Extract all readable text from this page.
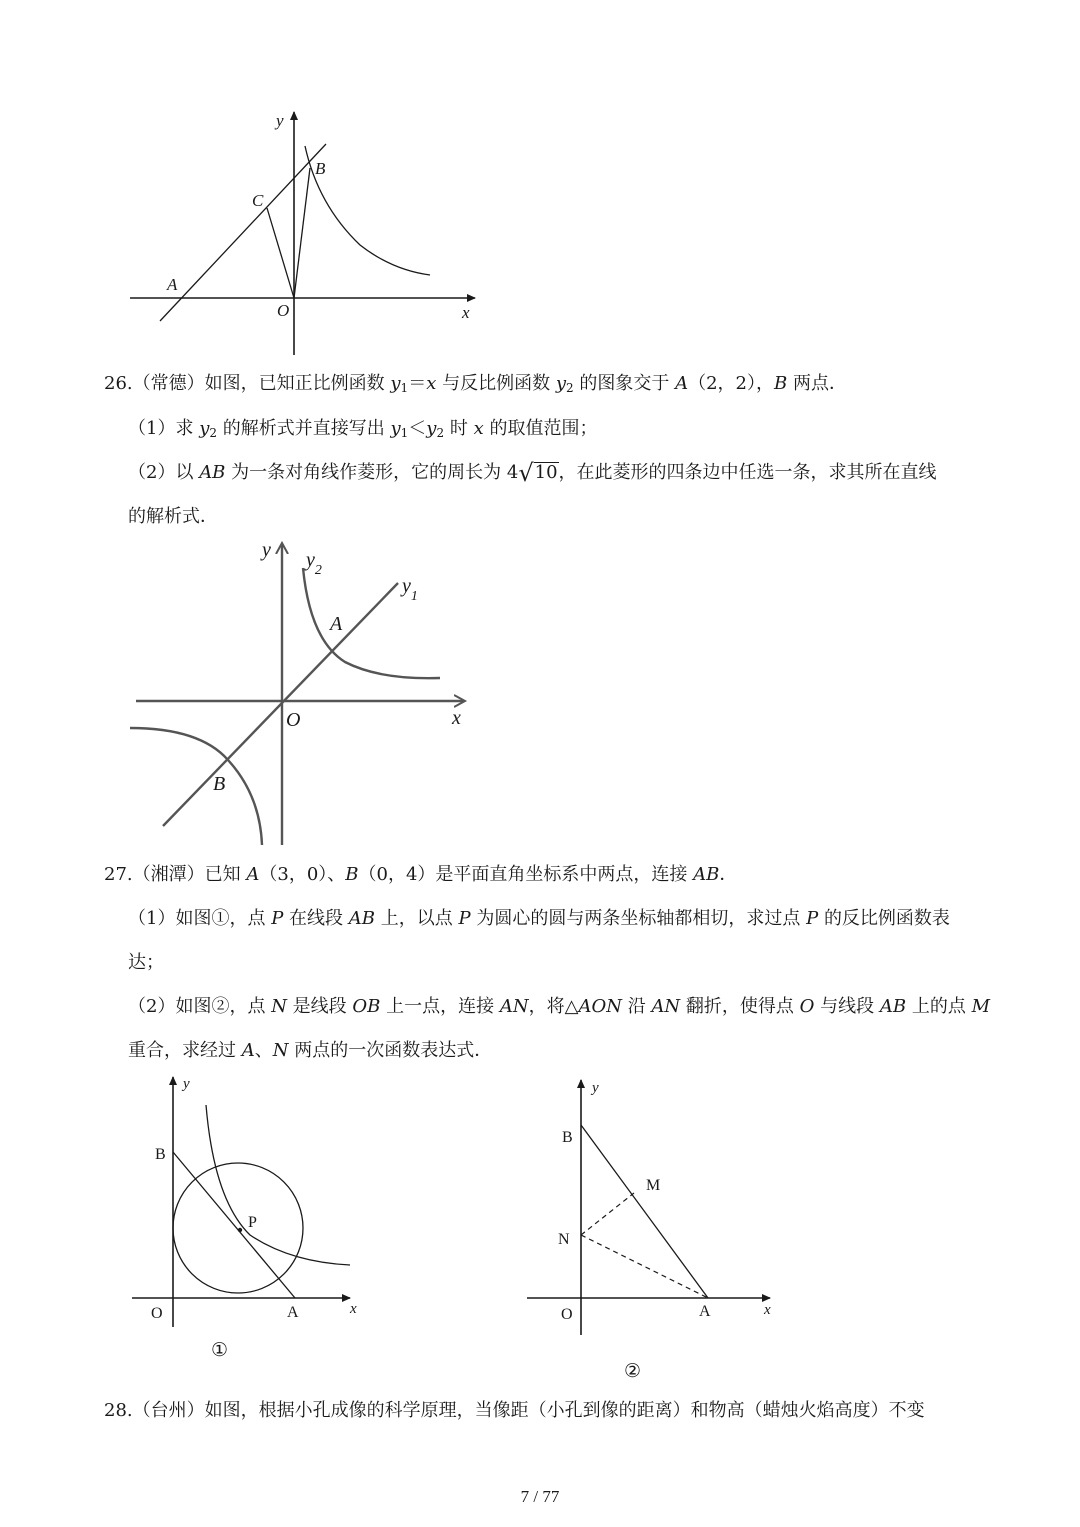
y
x
O
A
B
C
26.（常德）如图，已知正比例函数 $y_1=x$ 与反比例函数 $y_2$ 的图象交于 A（2，2），B 两点．
（1）求 $y_2$ 的解析式并直接写出 $y_1<y_2$ 时 x 的取值范围；
（2）以 AB 为一条对角线作菱形，它的周长为 4√10，在此菱形的四条边中任选一条，求其所在直线
的解析式．
y $y_2$
$y_1$
A
B
O	x
27.（湘潭）已知 A（3，0）、B（0，4）是平面直角坐标系中两点，连接 AB．
（1）如图①，点 P 在线段 AB 上，以点 P 为圆心的圆与两条坐标轴都相切，求过点 P 的反比例函数表
达；
（2）如图②，点 N 是线段 OB 上一点，连接 AN，将△AON 沿 AN 翻折，使得点 O 与线段 AB 上的点 M
重合，求经过 A、N 两点的一次函数表达式．
y
B
P
O	A	x
①
y
B
M
N
O	A	x
②
28.（台州）如图，根据小孔成像的科学原理，当像距（小孔到像的距离）和物高（蜡烛火焰高度）不变
7 / 77
